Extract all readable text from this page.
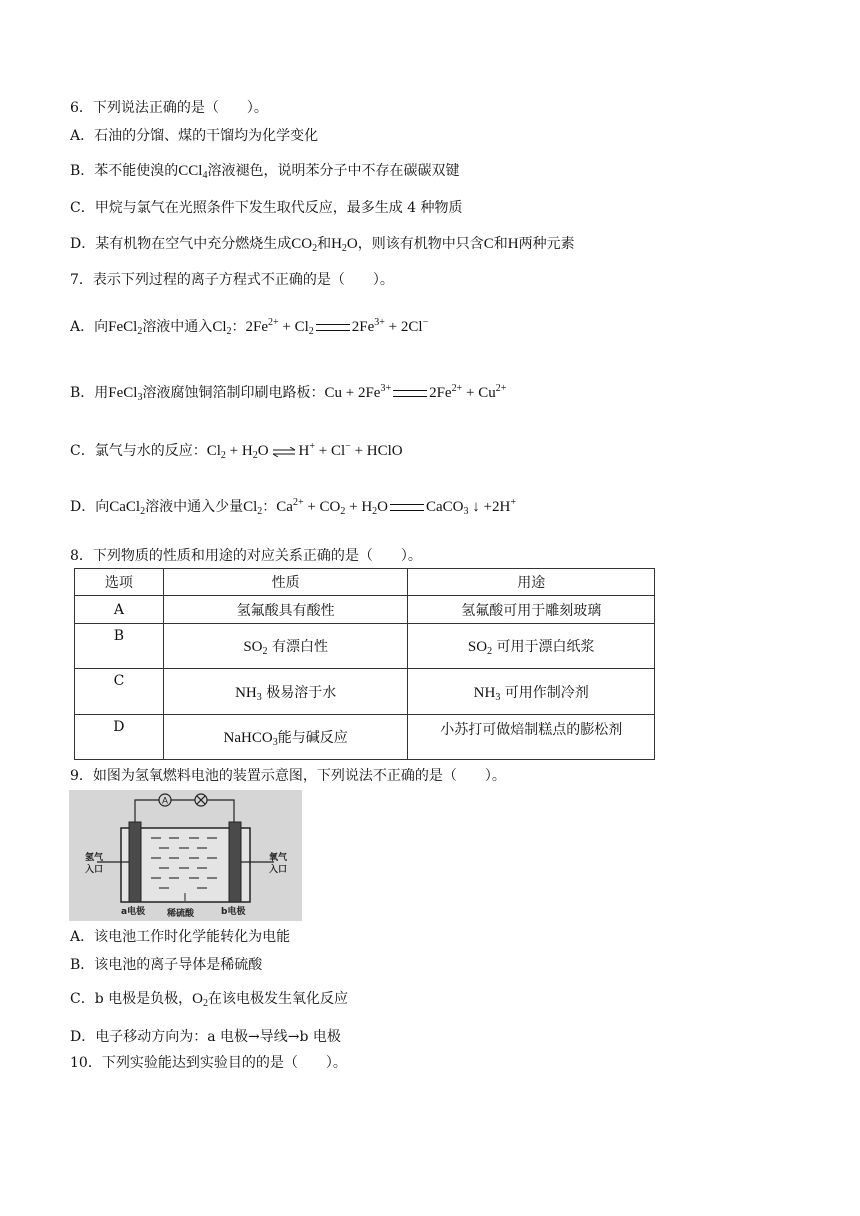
6．下列说法正确的是（　　）。
A．石油的分馏、煤的干馏均为化学变化
B．苯不能使溴的CCl$_4$溶液褪色，说明苯分子中不存在碳碳双键
C．甲烷与氯气在光照条件下发生取代反应，最多生成 4 种物质
D．某有机物在空气中充分燃烧生成$CO_2$和$H_2O$，则该有机物中只含C和H两种元素
7．表示下列过程的离子方程式不正确的是（　　）。
A．向FeCl$_2$溶液中通入$Cl_2$：$2Fe^{2+} + Cl_2$	$2Fe^{3+} + 2Cl^-$
B．用FeCl$_3$溶液腐蚀铜箔制印刷电路板：$Cu + 2Fe^{3+}$	$2Fe^{2+} + Cu^{2+}$
C．氯气与水的反应：$Cl_2 + H_2O$ ⇌ H+ + Cl− + HClO
D．向CaCl$_2$溶液中通入少量$Cl_2$：$Ca^{2+} + CO_2 + H_2O$	CaCO$_3$ ↓ +2H+
8．下列物质的性质和用途的对应关系正确的是（　　）。
选项	性质	用途
A	氢氟酸具有酸性	氢氟酸可用于雕刻玻璃
B	$SO_2$ 有漂白性	$SO_2$ 可用于漂白纸浆
C	$NH_3$ 极易溶于水	$NH_3$ 可用作制冷剂
D	NaHCO$_3$能与碱反应	小苏打可做焙制糕点的膨松剂
9．如图为氢氧燃料电池的装置示意图，下列说法不正确的是（　　）。
A
氢气
入口
氧气
入口
a电极 稀硫酸	b电极
A．该电池工作时化学能转化为电能
B．该电池的离子导体是稀硫酸
C．b 电极是负极，$O_2$在该电极发生氧化反应
D．电子移动方向为：a 电极→导线→b 电极
10．下列实验能达到实验目的的是（　　）。
